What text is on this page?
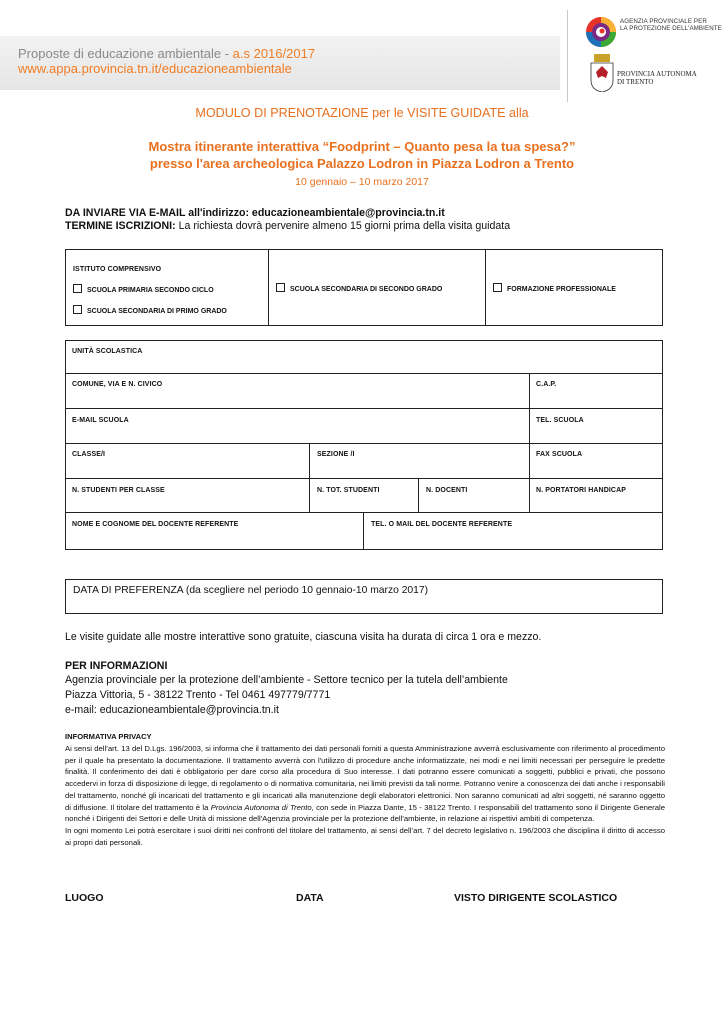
Proposte di educazione ambientale - a.s 2016/2017
www.appa.provincia.tn.it/educazioneambientale
AGENZIA PROVINCIALE PER
LA PROTEZIONE DELL'AMBIENTE
PROVINCIA AUTONOMA
DI TRENTO
MODULO DI PRENOTAZIONE per le VISITE GUIDATE alla
Mostra itinerante interattiva “Foodprint – Quanto pesa la tua spesa?”
presso l'area archeologica Palazzo Lodron in Piazza Lodron a Trento
10 gennaio – 10 marzo 2017
DA INVIARE VIA E-MAIL all'indirizzo: educazioneambientale@provincia.tn.it
TERMINE ISCRIZIONI: La richiesta dovrà pervenire almeno 15 giorni prima della visita guidata
ISTITUTO COMPRENSIVO
SCUOLA PRIMARIA SECONDO CICLO
SCUOLA SECONDARIA DI PRIMO GRADO
SCUOLA SECONDARIA DI SECONDO GRADO	FORMAZIONE PROFESSIONALE
UNITÀ SCOLASTICA
COMUNE, VIA E N. CIVICO	C.A.P.
E-MAIL SCUOLA	TEL. SCUOLA
CLASSE/I	SEZIONE /I	FAX SCUOLA
N. STUDENTI PER CLASSE	N. TOT. STUDENTI	N. DOCENTI	N. PORTATORI HANDICAP
NOME E COGNOME DEL DOCENTE REFERENTE	TEL. O MAIL DEL DOCENTE REFERENTE
DATA DI PREFERENZA (da scegliere nel periodo 10 gennaio-10 marzo 2017)
Le visite guidate alle mostre interattive sono gratuite, ciascuna visita ha durata di circa 1 ora e mezzo.
PER INFORMAZIONI
Agenzia provinciale per la protezione dell’ambiente - Settore tecnico per la tutela dell’ambiente
Piazza Vittoria, 5 - 38122 Trento - Tel 0461 497779/7771
e-mail: educazioneambientale@provincia.tn.it
INFORMATIVA PRIVACY

Ai sensi dell’art. 13 del D.Lgs. 196/2003, si informa che il trattamento dei dati personali forniti a questa Amministrazione avverrà esclusivamente con riferimento al procedimento per il quale ha presentato la documentazione. Il trattamento avverrà con l'utilizzo di procedure anche informatizzate, nei modi e nei limiti necessari per perseguire le predette finalità. Il conferimento dei dati è obbligatorio per dare corso alla procedura di Suo interesse. I dati potranno essere comunicati a soggetti, pubblici e privati, che possono accedervi in forza di disposizione di legge, di regolamento o di normativa comunitaria, nei limiti previsti da tali norme. Potranno venire a conoscenza dei dati anche i responsabili del trattamento, nonché gli incaricati del trattamento e gli incaricati alla manutenzione degli elaboratori elettronici. Non saranno comunicati ad altri soggetti, né saranno oggetto di diffusione. Il titolare del trattamento è la Provincia Autonoma di Trento, con sede in Piazza Dante, 15 - 38122 Trento. I responsabili del trattamento sono il Dirigente Generale nonché i Dirigenti dei Settori e delle Unità di missione dell'Agenzia provinciale per la protezione dell'ambiente, in relazione ai rispettivi ambiti di competenza.

In ogni momento Lei potrà esercitare i suoi diritti nei confronti del titolare del trattamento, ai sensi dell’art. 7 del decreto legislativo n. 196/2003 che disciplina il diritto di accesso ai propri dati personali.

LUOGO	DATA	VISTO DIRIGENTE SCOLASTICO
